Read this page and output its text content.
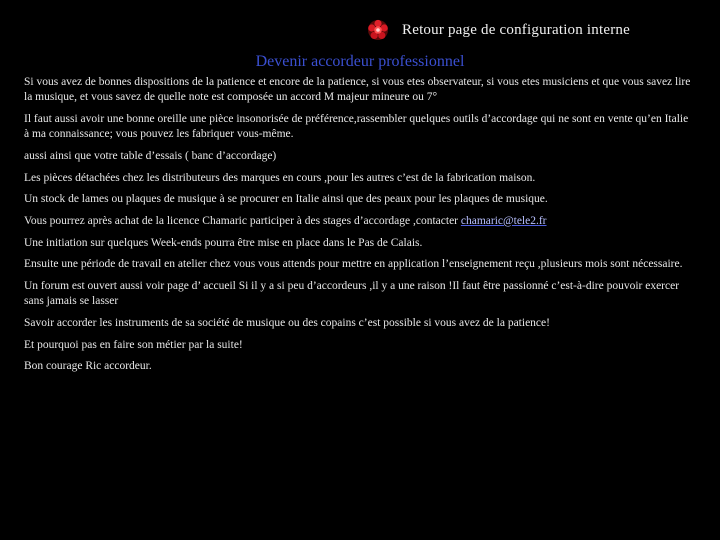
Retour page de configuration interne
Devenir accordeur professionnel

Si vous avez de bonnes dispositions de la patience et encore de la patience, si vous etes observateur, si vous etes musiciens et que vous savez lire la musique, et vous savez de quelle note est composée un accord M majeur mineure ou 7°

Il faut aussi avoir une bonne oreille une pièce insonorisée de préférence,rassembler quelques outils d’accordage qui ne sont en vente qu’en Italie à ma connaissance; vous pouvez les fabriquer vous-même.

aussi ainsi que votre table d’essais ( banc d’accordage)

Les pièces détachées chez les distributeurs des marques en cours ,pour les autres c’est de la fabrication maison.

Un stock de lames ou plaques de musique à se procurer en Italie ainsi que des peaux pour les plaques de musique.

Vous pourrez après achat de la licence Chamaric participer à des stages d’accordage ,contacter chamaric@tele2.fr

Une initiation sur quelques Week-ends pourra être mise en place dans le Pas de Calais.

Ensuite une période de travail en atelier chez vous vous attends pour mettre en application l’enseignement reçu ,plusieurs mois sont nécessaire.

Un forum est ouvert aussi voir page d’ accueil Si il y a si peu d’accordeurs ,il y a une raison !Il faut être passionné c’est-à-dire pouvoir exercer sans jamais se lasser

Savoir accorder les instruments de sa société de musique ou des copains c’est possible si vous avez de la patience!

Et pourquoi pas en faire son métier par la suite!

Bon courage Ric accordeur.
